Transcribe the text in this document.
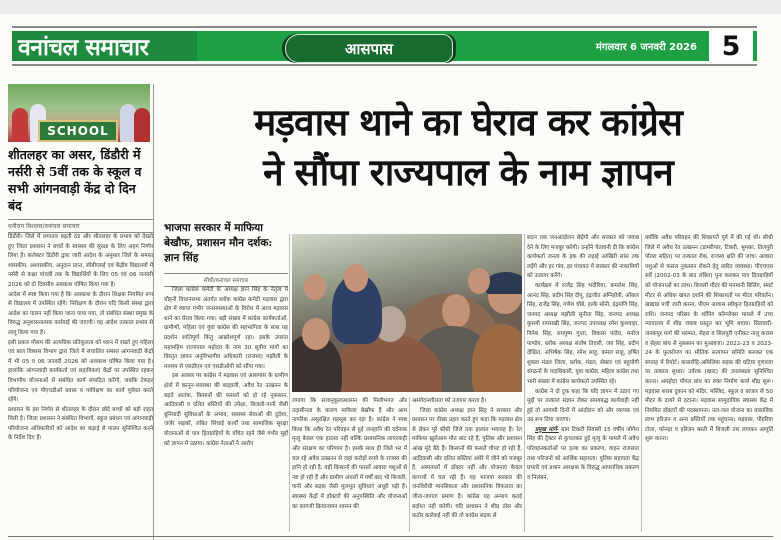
वनांचल समाचार	आसपास	मंगलवार 6 जनवरी 2026 5
SCHOOL
शीतलहर का असर, डिंडौरी में नर्सरी से 5वीं तक के स्कूल व सभी आंगनवाड़ी केंद्र दो दिन बंद
धनीराम विश्वास/वनांचल समाचार

डिंडौरी। जिले में लगातार बढ़ती ठंड और शीतलहर के प्रभाव को देखते हुए जिला प्रशासन ने बच्चों के स्वास्थ्य की सुरक्षा के लिए अहम निर्णय लिया है। कलेक्टर डिंडौरी द्वारा जारी आदेश के अनुसार जिले के समस्त शासकीय, अशासकीय, अनुदान प्राप्त, सीबीएसई एवं केंद्रीय विद्यालयों में नर्सरी से कक्षा पांचवीं तक के विद्यार्थियों के लिए 05 एवं 06 जनवरी 2026 को दो दिवसीय अवकाश घोषित किया गया है।

आदेश में स्पष्ट किया गया है कि अवकाश के दौरान शिक्षक नियमित रूप से विद्यालय में उपस्थित रहेंगे। निरीक्षण के दौरान यदि किसी संस्था द्वारा आदेश का पालन नहीं किया जाना पाया गया, तो संबंधित संस्था प्रमुख के विरुद्ध अनुशासनात्मक कार्रवाई की जाएगी। यह आदेश तत्काल प्रभाव से लागू किया गया है।

इसी प्रकार मौसम की अत्यधिक प्रतिकूलता को ध्यान में रखते हुए महिला एवं बाल विकास विभाग द्वारा जिले में संचालित समस्त आंगनवाड़ी केंद्रों में भी 05 व 06 जनवरी 2026 को अवकाश घोषित किया गया है। हालांकि आंगनवाड़ी कार्यकर्ता एवं सहायिकाएं केंद्रों पर उपस्थित रहकर विभागीय योजनाओं से संबंधित कार्य संपादित करेंगी, जबकि टेकहर परियोजना एवं पीएचडीओ प्रवास व पर्यवेक्षण का कार्य पूर्ववत करते रहेंगे।

प्रशासन के इस निर्णय से शीतलहर के दौरान छोटे बच्चों को बड़ी राहत मिली है। जिला प्रशासन ने संबंधित विभागों, स्कूल प्रबंधन एवं आंगनवाड़ी परियोजना अधिकारियों को आदेश का कड़ाई से पालन सुनिश्चित करने के निर्देश दिए हैं।

मड़वास थाने का घेराव कर कांग्रेस
ने सौंपा राज्यपाल के नाम ज्ञापन
भाजपा सरकार में माफिया बेखौफ, प्रशासन मौन दर्शक: ज्ञान सिंह
सीधी/वनांचल समाचार

जिला कांग्रेस कमेटी के अध्यक्ष ज्ञान सिंह के नेतृत्व में धौहनी विधानसभा अंतर्गत ब्लॉक कांग्रेस कमेटी मड़वास द्वारा क्षेत्र में व्याप्त गंभीर जनसमस्याओं के विरोध में आज मड़वास थाने का घेराव किया गया। बड़ी संख्या में कांग्रेस कार्यकर्ताओं, ग्रामीणों, महिला एवं युवा कांग्रेस की सहभागिता के साथ यह प्रदर्शन शांतिपूर्ण किंतु आक्रोशपूर्ण रहा। इसके उपरांत महामहिम राज्यपाल महोदय के नाम 30 सूत्रीय मांगों का विस्तृत ज्ञापन अनुविभागीय अधिकारी (राजस्व) मझौली के माध्यम से एसडीएम एवं एसडीओपी को सौंपा गया।

इस अवसर पर कांग्रेस ने मड़वास एवं आसपास के ग्रामीण क्षेत्रों में कानून-व्यवस्था की बदहाली, अवैध रेत उत्खनन के बढ़ते आतंक, किसानों की फसलों को हो रहे नुकसान, आदिवासी व दलित बस्तियों की उपेक्षा, बिजली-पानी जैसी बुनियादी सुविधाओं के अभाव, स्वास्थ्य सेवाओं की दुर्दशा, जर्जर सड़कों, लंबित सिंचाई कार्यों तथा सामाजिक सुरक्षा योजनाओं से पात्र हितग्राहियों के वंचित रहने जैसे गंभीर मुद्दों को ज्ञापन में उठाया। कांग्रेस नेताओं ने आरोप

लगाया कि सत्तानुकूलप्रशासन की मिलीभगत और उदासीनता के कारण माफिया बेखौफ हैं और आम नागरिक असुरक्षित महसूस कर रहा है। कांग्रेस ने स्पष्ट किया कि अवैध रेत परिवहन से हुई जनहानि की दर्दनाक मृत्यु केवल एक हादसा नहीं बल्कि प्रशासनिक लापरवाही और संरक्षण का परिणाम है। इसके साथ ही जिले भर में चल रहे अवैध उत्खनन से जहां करोड़ों रुपये के राजस्व की हानि हो रही है, वहीं किसानों की फसलें आवारा पशुओं से नष्ट हो रही हैं और ग्रामीण अंचलों में वर्षों बाद भी बिजली, पानी और सड़क जैसी मूलभूत सुविधाएं अधूरी पड़ी हैं। स्वास्थ्य केंद्रों में डॉक्टरों की अनुपस्थिति और योजनाओं का कागजी क्रियान्वयन शासन की

असंवेदनशीलता को उजागर करता है।

जिला कांग्रेस अध्यक्ष ज्ञान सिंह ने सरकार और प्रशासन पर तीखा प्रहार करते हुए कहा कि मड़वास क्षेत्र से लेकर पूरे सीधी जिले तक हालात भयावह हैं। रेत माफिया खुलेआम मौत बांट रहे हैं, पुलिस और प्रशासन आंख मूंदे बैठे हैं। किसानों की फसलें चौपट हो रही हैं, आदिवासी और दलित बस्तियां अंधेरे में जीने को मजबूर हैं, अस्पतालों में डॉक्टर नहीं और योजनाएं केवल कागजों में चल रही हैं। यह भाजपा सरकार की जनविरोधी मानसिकता और प्रशासनिक विफलता का जीता-जागता प्रमाण है। कांग्रेस यह अन्याय कतई बर्दाश्त नहीं करेगी। यदि प्रशासन ने शीघ्र ठोस और कठोर कार्रवाई नहीं की तो कांग्रेस सड़क से

सदन तक जनआंदोलन छेड़ेगी और सरकार को जवाब देने के लिए मजबूर करेगी। उन्होंने चेतावनी दी कि कांग्रेस कार्यकर्ता जनता के हक की लड़ाई आखिरी सांस तक लड़ेंगे और हर गांव, हर पंचायत में सरकार की नाकामियों को उजागर करेंगे।

कार्यक्रम में राजेंद्र सिंह भदौरिया, कमलेश सिंह, आनंद सिंह, प्रदीप सिंह दीपू, इंद्रजीत अग्निहोत्री, ओंकार सिंह, राजेंद्र सिंह, गणेश चौबे, हल्के सोनी, इंद्रमणि सिंह, जनपद अध्यक्ष मझौली सुनीता सिंह, जनपद अध्यक्ष कुसमी रामसखी सिंह, जनपद उपाध्यक्ष रमेश कुशवाहा, विनेश सिंह, रामपुष्प गुप्ता, विकास पांडेय, मनोज पाण्डेय, ब्लॉक अध्यक्ष संतोष तिवारी, जय सिंह, प्रदीप दीक्षित, अभिषेक सिंह, रमेश साहू, कमल साहू, हर्षित शुक्ला मंडल जिला, ब्लॉक, मंडल, सेक्टर एवं बहुयोगी संगठनों के पदाधिकारी, युवा कांग्रेस, महिला कांग्रेस तथा भारी संख्या में कांग्रेस कार्यकर्ता उपस्थित रहे।

कांग्रेस ने दो टूक कहा कि यदि ज्ञापन में उठाए गए मुद्दों पर तत्काल संज्ञान लेकर समयबद्ध कार्यवाही नहीं हुई तो आगामी दिनों में आंदोलन को और व्यापक एवं उग्र रूप दिया जाएगा।

प्रमुख मांगें- ग्राम टिकटी निवासी 15 वर्षीय जोगेश सिंह की ट्रैक्टर से कुचलकर हुई मृत्यु के मामले में अवैध परिवहनकर्ताओं पर हत्या का प्रकरण, वाहन राजसात तथा परिजनों को आर्थिक सहायता। पुलिस सहायता केंद्र प्रभारी एवं प्रधान आरक्षक के विरुद्ध आपराधिक प्रकरण व निलंबन,

क्योंकि अवैध परिवहन की शिकायतें पूर्व में की गई थीं। सीधी जिले में अवैध रेत उत्खनन (डामरीपार, टिकरी, भुमका, तिलपुरी पोंतरा सहित) पर तत्काल रोक, राजस्व क्षति की जांच। आवारा पशुओं से फसल नुकसान रोकने हेतु त्वरित व्यवस्था। पीएचएस सर्वे (2002-03 के बाद लंबित) पुनः कराकर पात्र हितग्राहियों को योजनाओं का लाभ। बिजली मीटर की मनमानी बिलिंग, स्मार्ट मीटर से अधिक खपत दर्शाने की शिकायतों पर मीटर परिवर्तन। खाद्यान्न पर्ची जारी करना, पीएम आवास स्वीकृत हितग्राहियों को राशि। जनपद परिसर के शॉपिंग कॉम्प्लेक्स मामले में उच्च न्यायालय में शीघ्र जवाब प्रस्तुत कर भूमि बचाव। सिलवारी-जनकपुर मार्ग की मरम्मत, सेहरा व सिलपुरी एनीकट नालू करास व सेहरा बांध से नुकसान का मुआवजा। 2022-23 व 2023-24 के फुलरोपण का भौतिक सत्यापन समिति बनाकर एक सप्ताह में रिपोर्ट। कासरोहि-अमिलिया सड़क की घटिया गुणवत्ता पर तत्काल सुधार। उर्वरक (खाद) की उपलब्धता सुनिश्चित करना। अमहोटा पोंगल बांध का रुका निर्माण कार्य शीघ्र शुरू। मड़वास शराब दुकान को मंदिर, मस्जिद, स्कूल व बाजार से 50 मीटर के दायरे से हटाना। मड़वास सामुदायिक स्वास्थ्य केंद्र में नियमित डॉक्टरों की पदस्थापना। नल-जल योजना का वास्तविक लाभ हरिजन व अन्य बस्तियों तक पहुंचाना। मड़वास, पौहरिया टोला, फोनहा व हरिजन बस्ती में बिजली तार लगाकर आपूर्ति शुरू करना।
